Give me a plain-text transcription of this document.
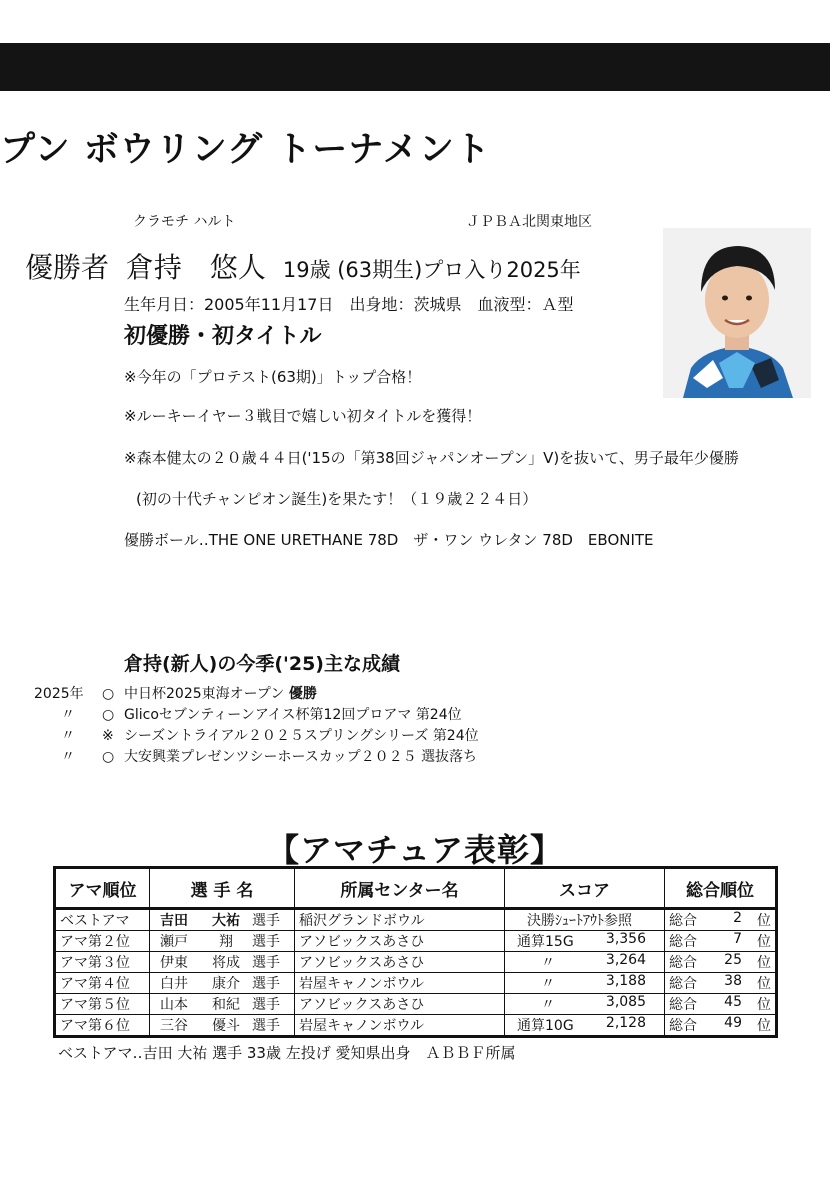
プン ボウリング トーナメント
クラモチ ハルト	ＪＰＢＡ北関東地区
優勝者 倉持　悠人 19歳 (63期生)プロ入り2025年
生年月日：2005年11月17日　出身地：茨城県　血液型：Ａ型
初優勝・初タイトル
※今年の「プロテスト(63期)」トップ合格！
※ルーキーイヤー３戦目で嬉しい初タイトルを獲得！
※森本健太の２０歳４４日('15の「第38回ジャパンオープン」V)を抜いて、男子最年少優勝
(初の十代チャンピオン誕生)を果たす！（１９歳２２４日）
優勝ボール‥THE ONE URETHANE 78D　ザ・ワン ウレタン 78D　EBONITE
倉持(新人)の今季('25)主な成績
2025年 ○ 中日杯2025東海オープン 優勝
〃 ○ Glicoセブンティーンアイス杯第12回プロアマ 第24位
〃 ※ シーズントライアル２０２５スプリングシリーズ 第24位
〃 ○ 大安興業プレゼンツシーホースカップ２０２５ 選抜落ち
【アマチュア表彰】
アマ順位	選 手 名	所属センター名	スコア	総合順位
ベストアマ	吉田 大祐 選手	稲沢グランドボウル	決勝ｼｭｰﾄｱｳﾄ参照	総合 2 位

アマ第２位	瀬戸 翔 選手	アソビックスあさひ	通算15G 3,356	総合 7 位

アマ第３位	伊東 将成 選手	アソビックスあさひ	〃 3,264	総合 25 位

アマ第４位	白井 康介 選手	岩屋キャノンボウル	〃 3,188	総合 38 位

アマ第５位	山本 和紀 選手	アソビックスあさひ	〃 3,085	総合 45 位

アマ第６位	三谷 優斗 選手	岩屋キャノンボウル	通算10G 2,128	総合 49 位
ベストアマ‥吉田 大祐 選手 33歳 左投げ 愛知県出身　ＡＢＢＦ所属
